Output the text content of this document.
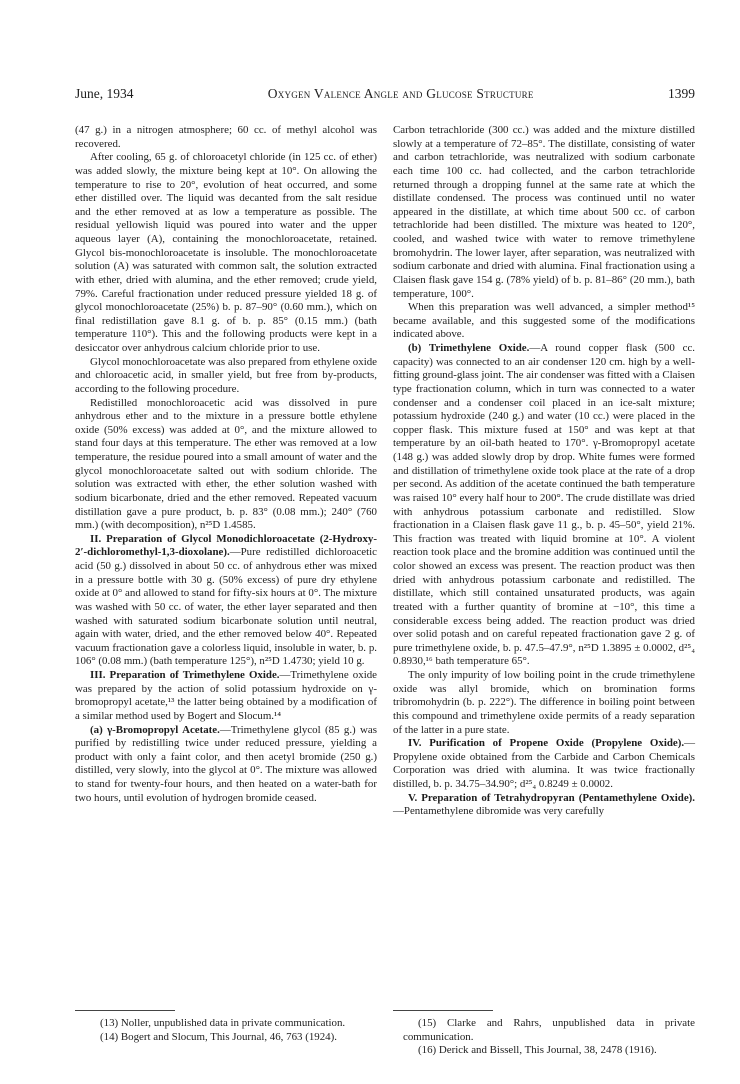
June, 1934	Oxygen Valence Angle and Glucose Structure	1399

(47 g.) in a nitrogen atmosphere; 60 cc. of methyl alcohol was recovered.

After cooling, 65 g. of chloroacetyl chloride (in 125 cc. of ether) was added slowly, the mixture being kept at 10°. On allowing the temperature to rise to 20°, evolution of heat occurred, and some ether distilled over. The liquid was decanted from the salt residue and the ether removed at as low a temperature as possible. The residual yellowish liquid was poured into water and the upper aqueous layer (A), containing the monochloroacetate, retained. Glycol bis-monochloroacetate is insoluble. The monochloroacetate solution (A) was saturated with common salt, the solution extracted with ether, dried with alumina, and the ether removed; crude yield, 79%. Careful fractionation under reduced pressure yielded 18 g. of glycol monochloroacetate (25%) b. p. 87–90° (0.60 mm.), which on final redistillation gave 8.1 g. of b. p. 85° (0.15 mm.) (bath temperature 110°). This and the following products were kept in a desiccator over anhydrous calcium chloride prior to use.

Glycol monochloroacetate was also prepared from ethylene oxide and chloroacetic acid, in smaller yield, but free from by-products, according to the following procedure.

Redistilled monochloroacetic acid was dissolved in pure anhydrous ether and to the mixture in a pressure bottle ethylene oxide (50% excess) was added at 0°, and the mixture allowed to stand four days at this temperature. The ether was removed at a low temperature, the residue poured into a small amount of water and the glycol monochloroacetate salted out with sodium chloride. The solution was extracted with ether, the ether solution washed with sodium bicarbonate, dried and the ether removed. Repeated vacuum distillation gave a pure product, b. p. 83° (0.08 mm.); 240° (760 mm.) (with decomposition), n²⁵D 1.4585.

II. Preparation of Glycol Monodichloroacetate (2-Hydroxy-2′-dichloromethyl-1,3-dioxolane).—Pure redistilled dichloroacetic acid (50 g.) dissolved in about 50 cc. of anhydrous ether was mixed in a pressure bottle with 30 g. (50% excess) of pure dry ethylene oxide at 0° and allowed to stand for fifty-six hours at 0°. The mixture was washed with 50 cc. of water, the ether layer separated and then washed with saturated sodium bicarbonate solution until neutral, again with water, dried, and the ether removed below 40°. Repeated vacuum fractionation gave a colorless liquid, insoluble in water, b. p. 106° (0.08 mm.) (bath temperature 125°), n²⁵D 1.4730; yield 10 g.

III. Preparation of Trimethylene Oxide.—Trimethylene oxide was prepared by the action of solid potassium hydroxide on γ-bromopropyl acetate,¹³ the latter being obtained by a modification of a similar method used by Bogert and Slocum.¹⁴

(a) γ-Bromopropyl Acetate.—Trimethylene glycol (85 g.) was purified by redistilling twice under reduced pressure, yielding a product with only a faint color, and then acetyl bromide (250 g.) distilled, very slowly, into the glycol at 0°. The mixture was allowed to stand for twenty-four hours, and then heated on a water-bath for two hours, until evolution of hydrogen bromide ceased.

(13) Noller, unpublished data in private communication.

(14) Bogert and Slocum, This Journal, 46, 763 (1924).

Carbon tetrachloride (300 cc.) was added and the mixture distilled slowly at a temperature of 72–85°. The distillate, consisting of water and carbon tetrachloride, was neutralized with sodium carbonate each time 100 cc. had collected, and the carbon tetrachloride returned through a dropping funnel at the same rate at which the distillate condensed. The process was continued until no water appeared in the distillate, at which time about 500 cc. of carbon tetrachloride had been distilled. The mixture was heated to 120°, cooled, and washed twice with water to remove trimethylene bromohydrin. The lower layer, after separation, was neutralized with sodium carbonate and dried with alumina. Final fractionation using a Claisen flask gave 154 g. (78% yield) of b. p. 81–86° (20 mm.), bath temperature, 100°.

When this preparation was well advanced, a simpler method¹⁵ became available, and this suggested some of the modifications indicated above.

(b) Trimethylene Oxide.—A round copper flask (500 cc. capacity) was connected to an air condenser 120 cm. high by a well-fitting ground-glass joint. The air condenser was fitted with a Claisen type fractionation column, which in turn was connected to a water condenser and a condenser coil placed in an ice-salt mixture; potassium hydroxide (240 g.) and water (10 cc.) were placed in the copper flask. This mixture fused at 150° and was kept at that temperature by an oil-bath heated to 170°. γ-Bromopropyl acetate (148 g.) was added slowly drop by drop. White fumes were formed and distillation of trimethylene oxide took place at the rate of a drop per second. As addition of the acetate continued the bath temperature was raised 10° every half hour to 200°. The crude distillate was dried with anhydrous potassium carbonate and redistilled. Slow fractionation in a Claisen flask gave 11 g., b. p. 45–50°, yield 21%. This fraction was treated with liquid bromine at 10°. A violent reaction took place and the bromine addition was continued until the color showed an excess was present. The reaction product was then dried with anhydrous potassium carbonate and redistilled. The distillate, which still contained unsaturated products, was again treated with a further quantity of bromine at −10°, this time a considerable excess being added. The reaction product was dried over solid potash and on careful repeated fractionation gave 2 g. of pure trimethylene oxide, b. p. 47.5–47.9°, n²⁵D 1.3895 ± 0.0002, d²⁵₄ 0.8930,¹⁶ bath temperature 65°.

The only impurity of low boiling point in the crude trimethylene oxide was allyl bromide, which on bromination forms tribromohydrin (b. p. 222°). The difference in boiling point between this compound and trimethylene oxide permits of a ready separation of the latter in a pure state.

IV. Purification of Propene Oxide (Propylene Oxide).—Propylene oxide obtained from the Carbide and Carbon Chemicals Corporation was dried with alumina. It was twice fractionally distilled, b. p. 34.75–34.90°; d²⁵₄ 0.8249 ± 0.0002.

V. Preparation of Tetrahydropyran (Pentamethylene Oxide).—Pentamethylene dibromide was very carefully

(15) Clarke and Rahrs, unpublished data in private communication.

(16) Derick and Bissell, This Journal, 38, 2478 (1916).
